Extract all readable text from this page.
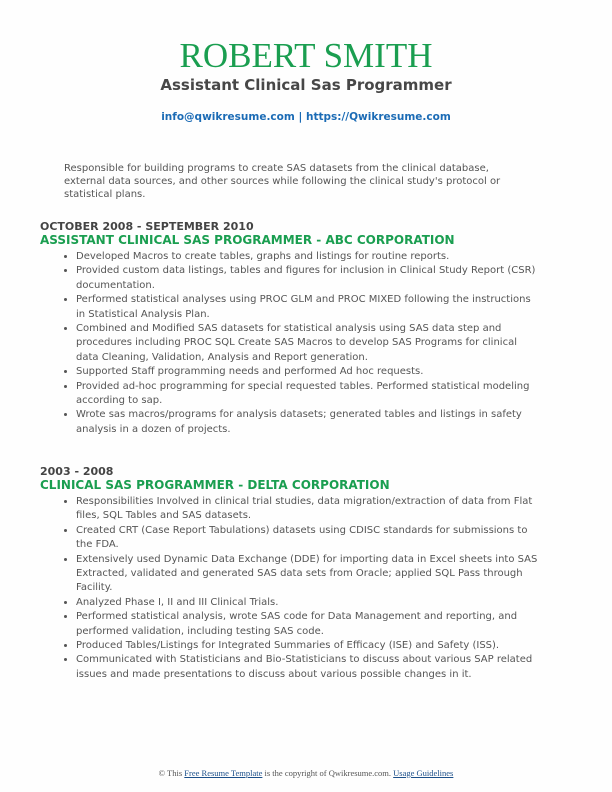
ROBERT SMITH
Assistant Clinical Sas Programmer
info@qwikresume.com | https://Qwikresume.com
Responsible for building programs to create SAS datasets from the clinical database, external data sources, and other sources while following the clinical study's protocol or statistical plans.
OCTOBER 2008 - SEPTEMBER 2010
ASSISTANT CLINICAL SAS PROGRAMMER - ABC CORPORATION
• Developed Macros to create tables, graphs and listings for routine reports.
• Provided custom data listings, tables and figures for inclusion in Clinical Study Report (CSR) documentation.
• Performed statistical analyses using PROC GLM and PROC MIXED following the instructions in Statistical Analysis Plan.
• Combined and Modified SAS datasets for statistical analysis using SAS data step and procedures including PROC SQL Create SAS Macros to develop SAS Programs for clinical data Cleaning, Validation, Analysis and Report generation.
• Supported Staff programming needs and performed Ad hoc requests.
• Provided ad-hoc programming for special requested tables. Performed statistical modeling according to sap.
• Wrote sas macros/programs for analysis datasets; generated tables and listings in safety analysis in a dozen of projects.
2003 - 2008
CLINICAL SAS PROGRAMMER - DELTA CORPORATION
• Responsibilities Involved in clinical trial studies, data migration/extraction of data from Flat files, SQL Tables and SAS datasets.
• Created CRT (Case Report Tabulations) datasets using CDISC standards for submissions to the FDA.
• Extensively used Dynamic Data Exchange (DDE) for importing data in Excel sheets into SAS Extracted, validated and generated SAS data sets from Oracle; applied SQL Pass through Facility.
• Analyzed Phase I, II and III Clinical Trials.
• Performed statistical analysis, wrote SAS code for Data Management and reporting, and performed validation, including testing SAS code.
• Produced Tables/Listings for Integrated Summaries of Efficacy (ISE) and Safety (ISS).
• Communicated with Statisticians and Bio-Statisticians to discuss about various SAP related issues and made presentations to discuss about various possible changes in it.
© This Free Resume Template is the copyright of Qwikresume.com. Usage Guidelines
